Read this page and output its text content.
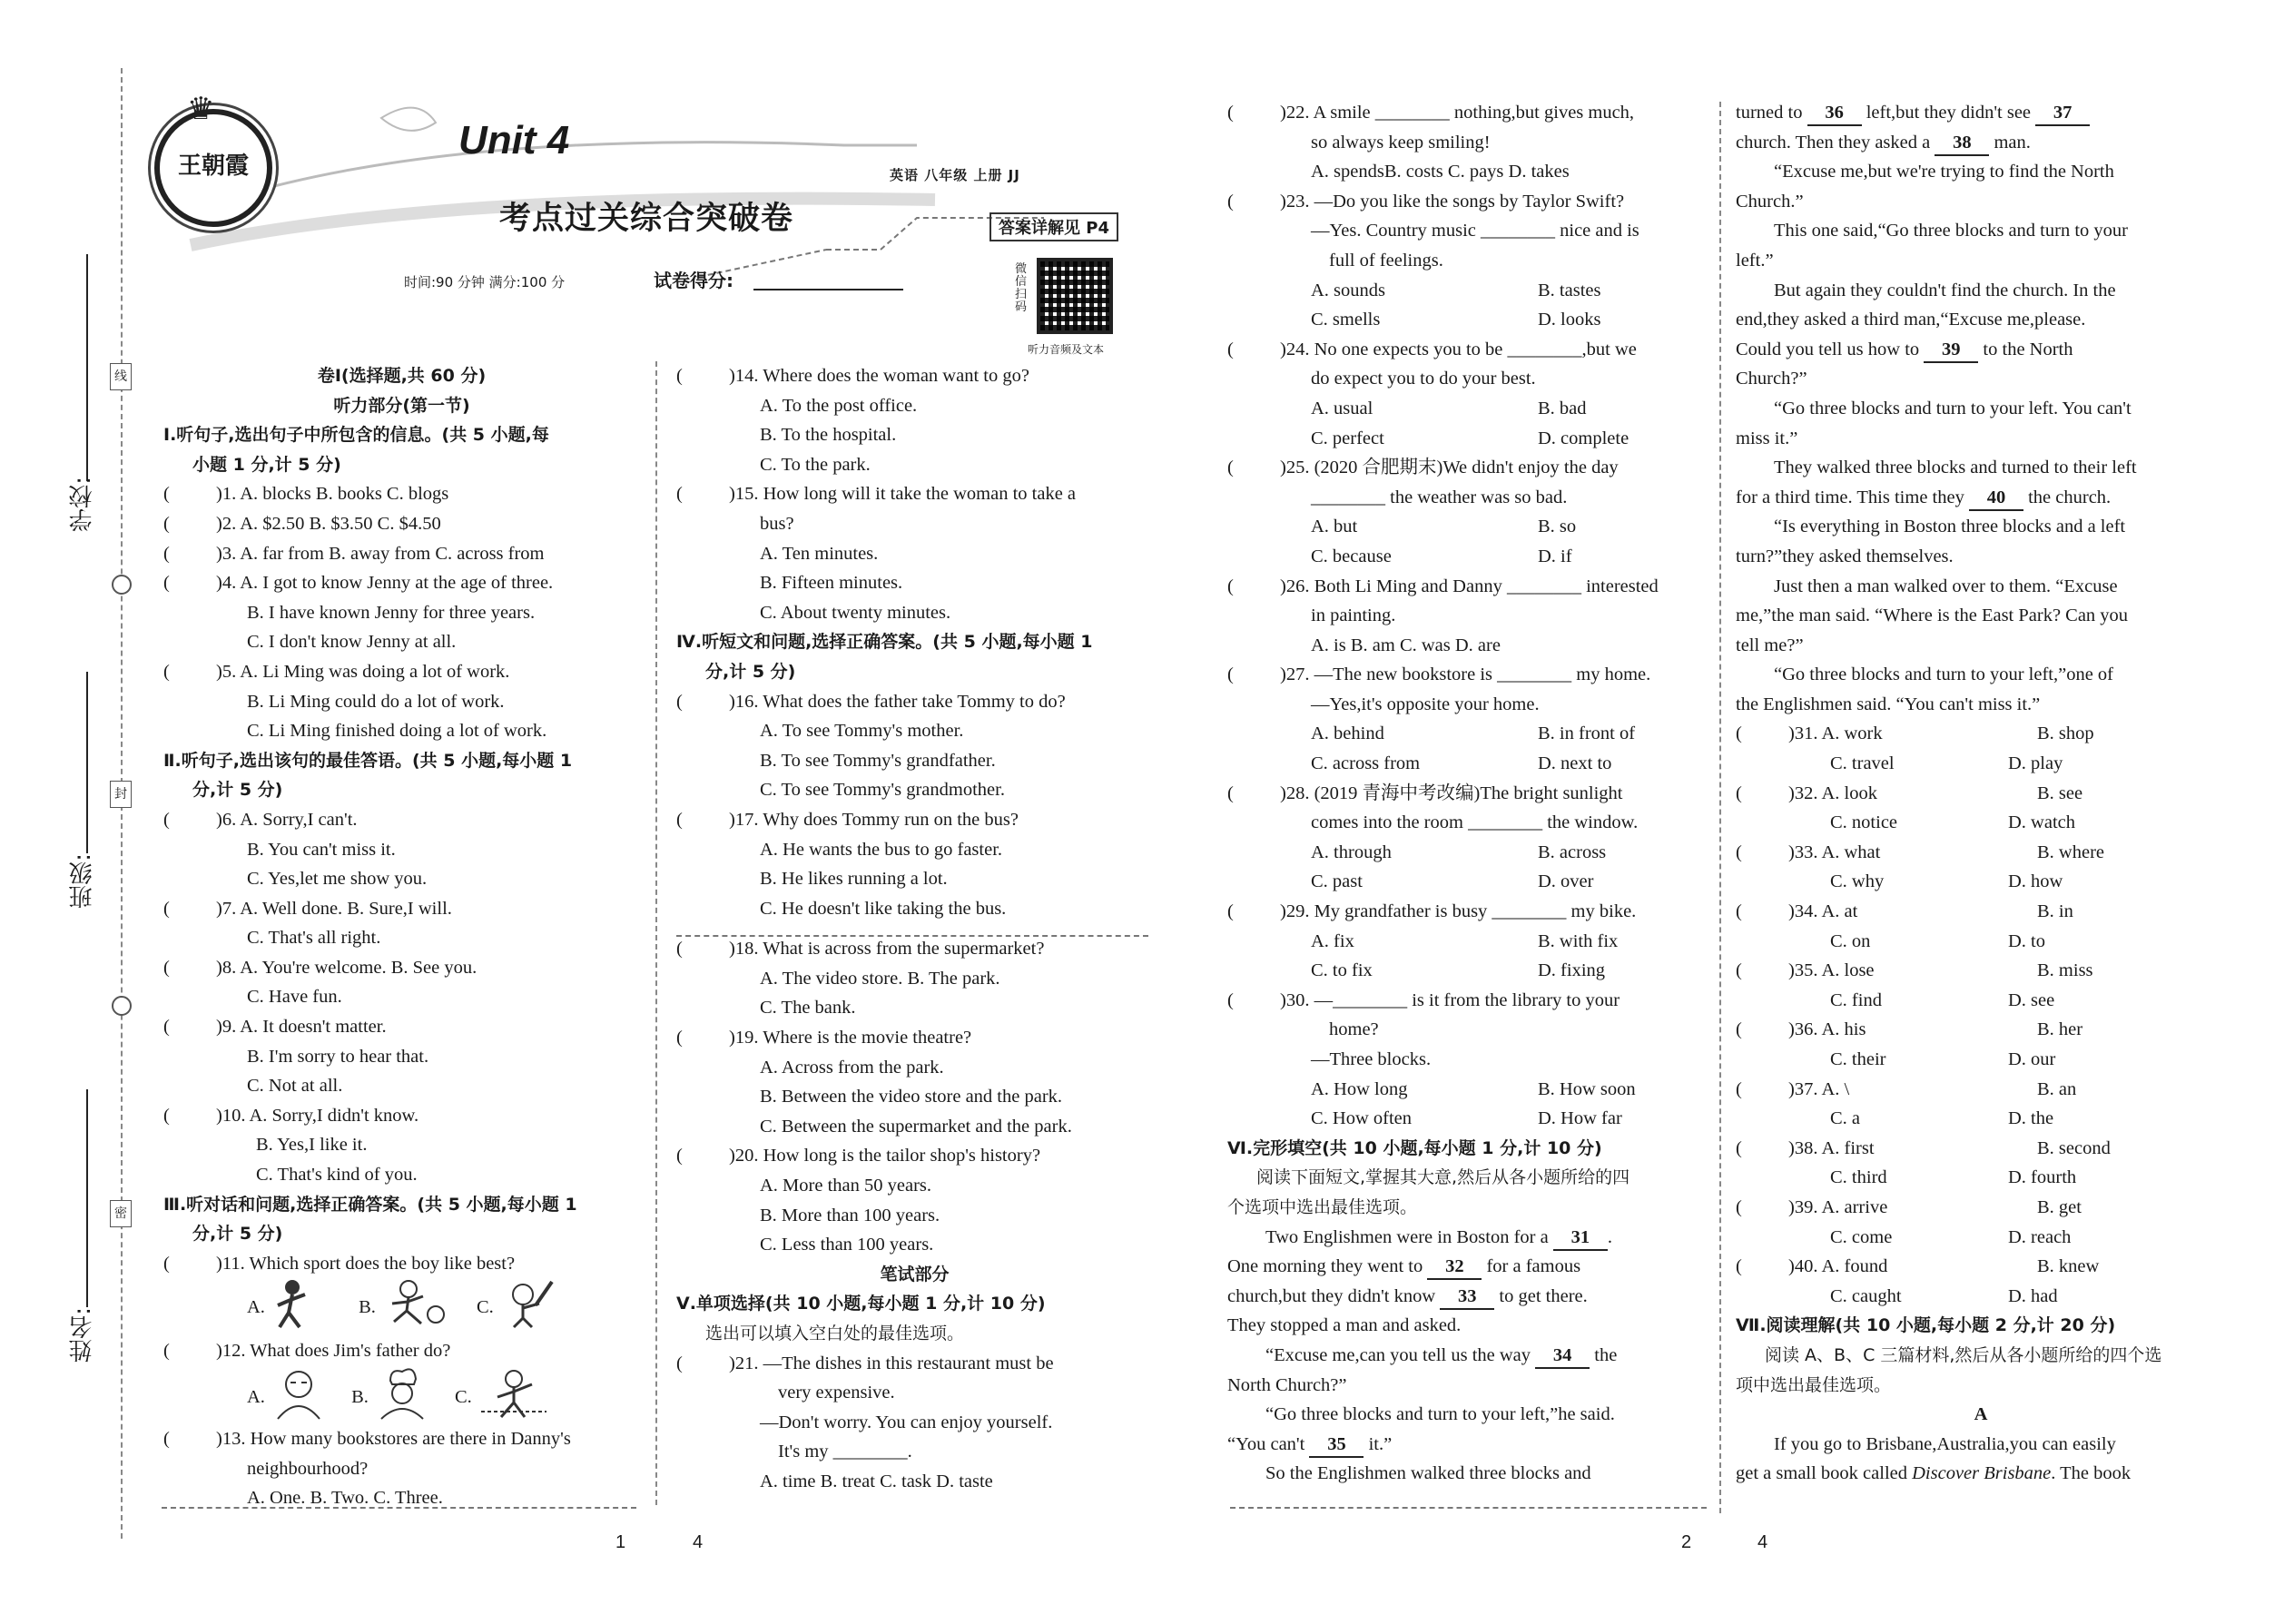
♛
王朝霞
Unit 4
考点过关综合突破卷
英语 八年级 上册 JJ
答案详解见 P4
时间:90 分钟 满分:100 分	试卷得分:
微信扫码
听力音频及文本
学校:
班级:
姓名:
线
封
密

卷Ⅰ(选择题,共 60 分)

听力部分(第一节)

Ⅰ.听句子,选出句子中所包含的信息。(共 5 小题,每

小题 1 分,计 5 分)

( )1. A. blocks B. books C. blogs

( )2. A. $2.50 B. $3.50 C. $4.50

( )3. A. far from B. away from C. across from

( )4. A. I got to know Jenny at the age of three.

B. I have known Jenny for three years.

C. I don't know Jenny at all.

( )5. A. Li Ming was doing a lot of work.

B. Li Ming could do a lot of work.

C. Li Ming finished doing a lot of work.

Ⅱ.听句子,选出该句的最佳答语。(共 5 小题,每小题 1

分,计 5 分)

( )6. A. Sorry,I can't.

B. You can't miss it.

C. Yes,let me show you.

( )7. A. Well done. B. Sure,I will.

C. That's all right.

( )8. A. You're welcome. B. See you.

C. Have fun.

( )9. A. It doesn't matter.

B. I'm sorry to hear that.

C. Not at all.

( )10. A. Sorry,I didn't know.

B. Yes,I like it.

C. That's kind of you.

Ⅲ.听对话和问题,选择正确答案。(共 5 小题,每小题 1

分,计 5 分)

( )11. Which sport does the boy like best?

A.	B.	C.

( )12. What does Jim's father do?

A.	B.	C.

( )13. How many bookstores are there in Danny's

neighbourhood?

A. One. B. Two. C. Three.

( )14. Where does the woman want to go?

A. To the post office.

B. To the hospital.

C. To the park.

( )15. How long will it take the woman to take a

bus?

A. Ten minutes.

B. Fifteen minutes.

C. About twenty minutes.

Ⅳ.听短文和问题,选择正确答案。(共 5 小题,每小题 1

分,计 5 分)

( )16. What does the father take Tommy to do?

A. To see Tommy's mother.

B. To see Tommy's grandfather.

C. To see Tommy's grandmother.

( )17. Why does Tommy run on the bus?

A. He wants the bus to go faster.

B. He likes running a lot.

C. He doesn't like taking the bus.

( )18. What is across from the supermarket?

A. The video store. B. The park.

C. The bank.

( )19. Where is the movie theatre?

A. Across from the park.

B. Between the video store and the park.

C. Between the supermarket and the park.

( )20. How long is the tailor shop's history?

A. More than 50 years.

B. More than 100 years.

C. Less than 100 years.

笔试部分

Ⅴ.单项选择(共 10 小题,每小题 1 分,计 10 分)

选出可以填入空白处的最佳选项。

( )21. —The dishes in this restaurant must be

very expensive.

—Don't worry. You can enjoy yourself.

It's my ________.

A. time B. treat C. task D. taste

( )22. A smile ________ nothing,but gives much,

so always keep smiling!

A. spendsB. costs C. pays D. takes

( )23. —Do you like the songs by Taylor Swift?

—Yes. Country music ________ nice and is

full of feelings.

A. sounds	B. tastes

C. smells	D. looks

( )24. No one expects you to be ________,but we

do expect you to do your best.

A. usual	B. bad

C. perfect	D. complete

( )25. (2020 合肥期末)We didn't enjoy the day

________ the weather was so bad.

A. but	B. so

C. because	D. if

( )26. Both Li Ming and Danny ________ interested

in painting.

A. is B. am C. was D. are

( )27. —The new bookstore is ________ my home.

—Yes,it's opposite your home.

A. behind	B. in front of

C. across from	D. next to

( )28. (2019 青海中考改编)The bright sunlight

comes into the room ________ the window.

A. through	B. across

C. past	D. over

( )29. My grandfather is busy ________ my bike.

A. fix	B. with fix

C. to fix	D. fixing

( )30. —________ is it from the library to your

home?

—Three blocks.

A. How long	B. How soon

C. How often	D. How far

Ⅵ.完形填空(共 10 小题,每小题 1 分,计 10 分)

阅读下面短文,掌握其大意,然后从各小题所给的四

个选项中选出最佳选项。

Two Englishmen were in Boston for a 31 .

One morning they went to 32 for a famous

church,but they didn't know 33 to get there.

They stopped a man and asked.

“Excuse me,can you tell us the way 34 the

North Church?”

“Go three blocks and turn to your left,”he said.

“You can't 35 it.”

So the Englishmen walked three blocks and

turned to 36 left,but they didn't see 37

church. Then they asked a 38 man.

“Excuse me,but we're trying to find the North

Church.”

This one said,“Go three blocks and turn to your

left.”

But again they couldn't find the church. In the

end,they asked a third man,“Excuse me,please.

Could you tell us how to 39 to the North

Church?”

“Go three blocks and turn to your left. You can't

miss it.”

They walked three blocks and turned to their left

for a third time. This time they 40 the church.

“Is everything in Boston three blocks and a left

turn?”they asked themselves.

Just then a man walked over to them. “Excuse

me,”the man said. “Where is the East Park? Can you

tell me?”

“Go three blocks and turn to your left,”one of

the Englishmen said. “You can't miss it.”

( )31. A. work	B. shop

C. travel	D. play

( )32. A. look	B. see

C. notice	D. watch

( )33. A. what	B. where

C. why	D. how

( )34. A. at	B. in

C. on	D. to

( )35. A. lose	B. miss

C. find	D. see

( )36. A. his	B. her

C. their	D. our

( )37. A. \	B. an

C. a	D. the

( )38. A. first	B. second

C. third	D. fourth

( )39. A. arrive	B. get

C. come	D. reach

( )40. A. found	B. knew

C. caught	D. had

Ⅶ.阅读理解(共 10 小题,每小题 2 分,计 20 分)

阅读 A、B、C 三篇材料,然后从各小题所给的四个选

项中选出最佳选项。

A

If you go to Brisbane,Australia,you can easily

get a small book called Discover Brisbane. The book

1	4	2	4
